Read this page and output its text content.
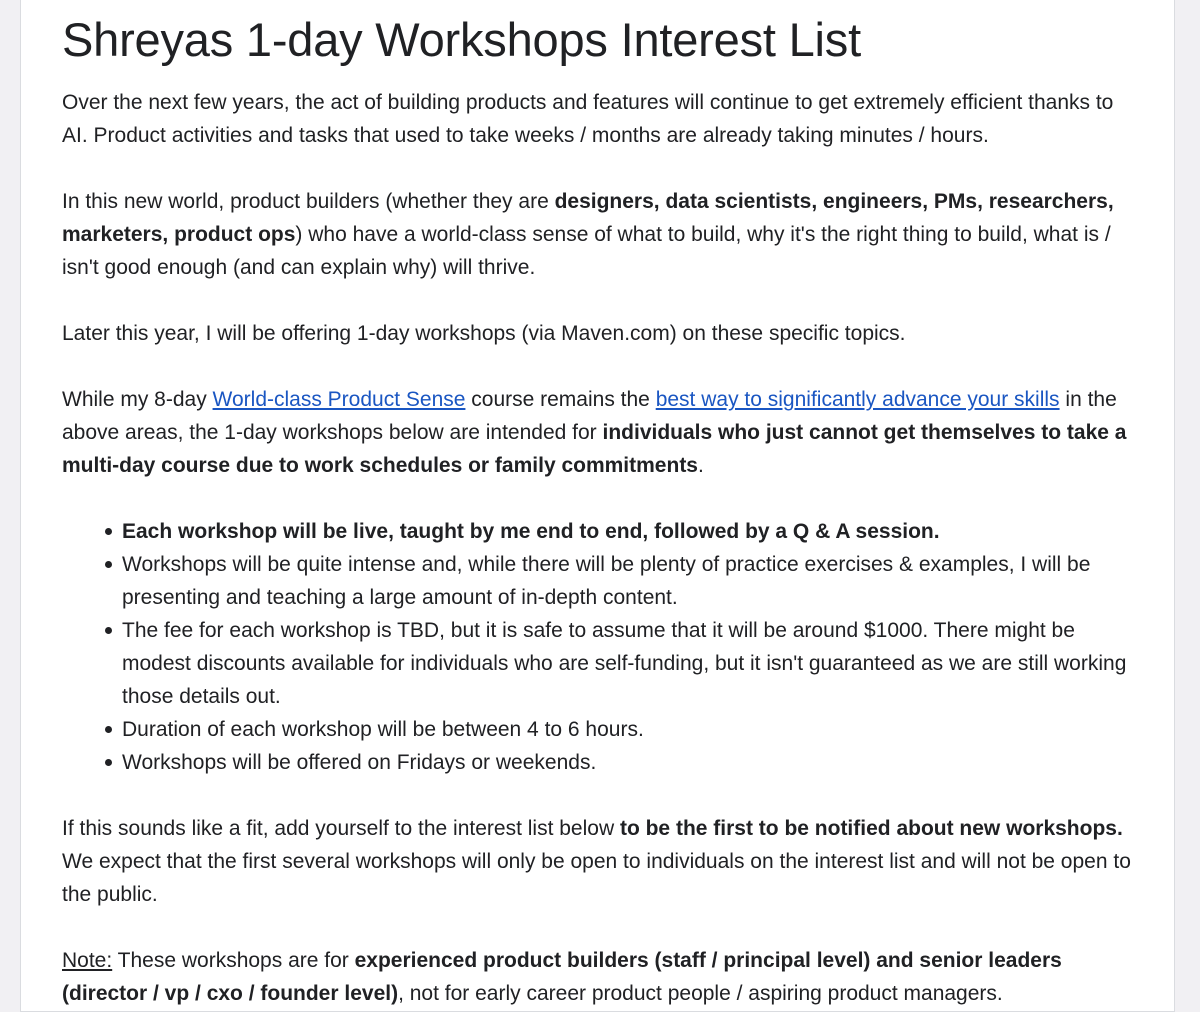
Shreyas 1-day Workshops Interest List

Over the next few years, the act of building products and features will continue to get extremely efficient thanks to AI. Product activities and tasks that used to take weeks / months are already taking minutes / hours.

In this new world, product builders (whether they are designers, data scientists, engineers, PMs, researchers, marketers, product ops) who have a world-class sense of what to build, why it's the right thing to build, what is / isn't good enough (and can explain why) will thrive.

Later this year, I will be offering 1-day workshops (via Maven.com) on these specific topics.

While my 8-day World-class Product Sense course remains the best way to significantly advance your skills in the above areas, the 1-day workshops below are intended for individuals who just cannot get themselves to take a multi-day course due to work schedules or family commitments.

Each workshop will be live, taught by me end to end, followed by a Q & A session.
Workshops will be quite intense and, while there will be plenty of practice exercises & examples, I will be presenting and teaching a large amount of in-depth content.
The fee for each workshop is TBD, but it is safe to assume that it will be around $1000. There might be modest discounts available for individuals who are self-funding, but it isn't guaranteed as we are still working those details out.
Duration of each workshop will be between 4 to 6 hours.
Workshops will be offered on Fridays or weekends.

If this sounds like a fit, add yourself to the interest list below to be the first to be notified about new workshops. We expect that the first several workshops will only be open to individuals on the interest list and will not be open to the public.

Note: These workshops are for experienced product builders (staff / principal level) and senior leaders (director / vp / cxo / founder level), not for early career product people / aspiring product managers.
